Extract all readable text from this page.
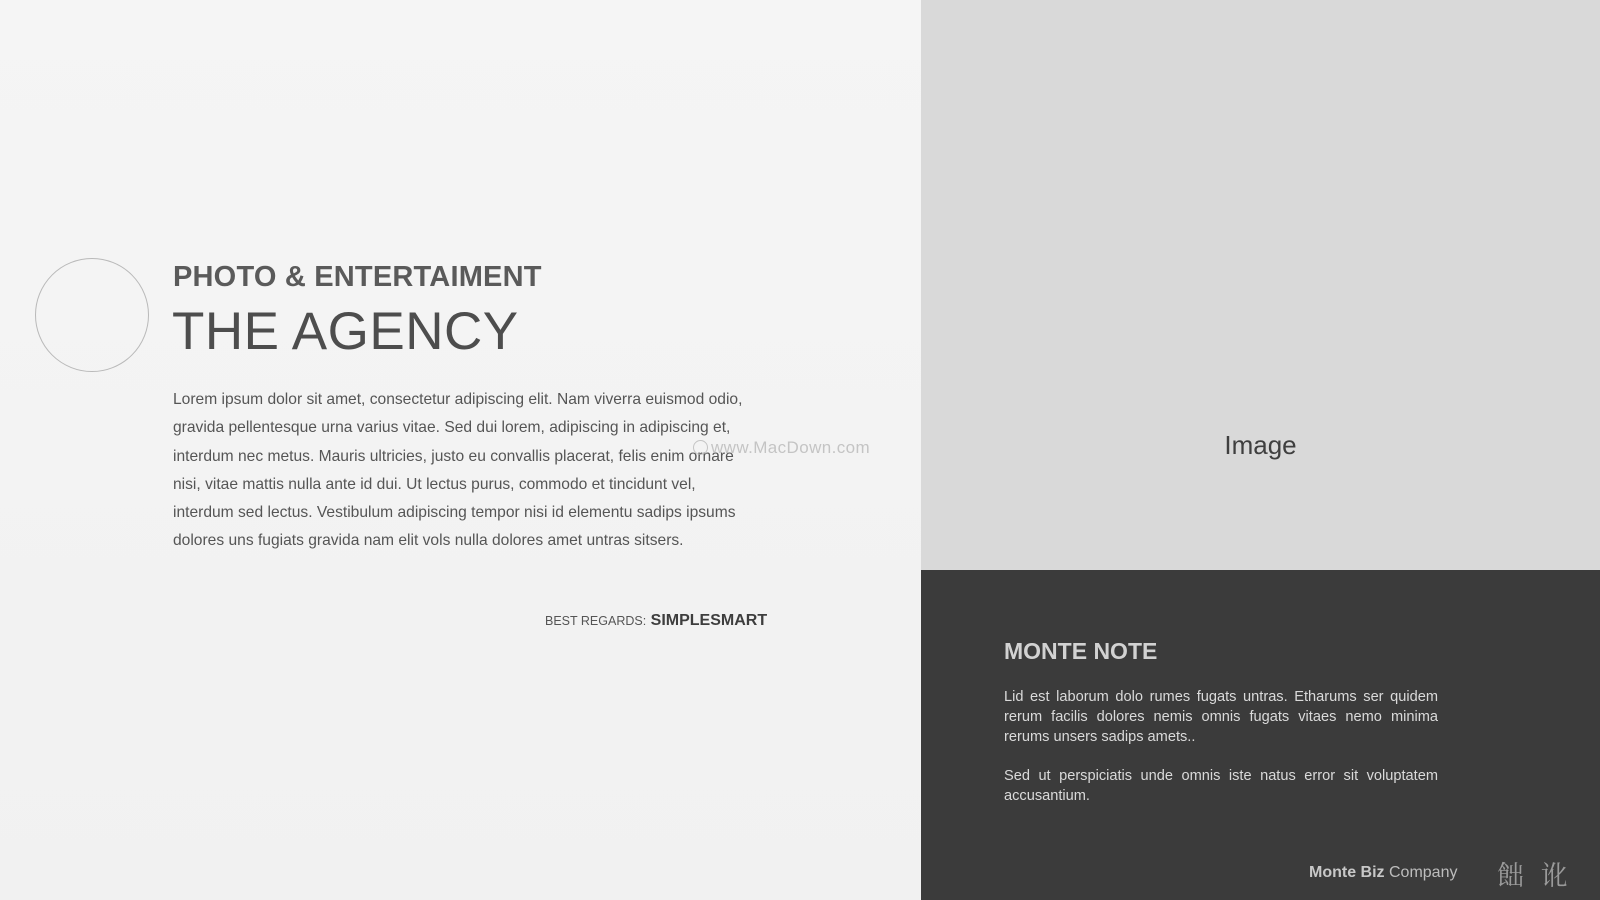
PHOTO & ENTERTAIMENT
THE AGENCY

Lorem ipsum dolor sit amet, consectetur adipiscing elit. Nam viverra euismod odio, gravida pellentesque urna varius vitae. Sed dui lorem, adipiscing in adipiscing et, interdum nec metus. Mauris ultricies, justo eu convallis placerat, felis enim ornare nisi, vitae mattis nulla ante id dui. Ut lectus purus, commodo et tincidunt vel, interdum sed lectus. Vestibulum adipiscing tempor nisi id elementu sadips ipsums dolores uns fugiats gravida nam elit vols nulla dolores amet untras sitsers.

BEST REGARDS: SIMPLESMART
www.MacDown.com	Image
MONTE NOTE

Lid est laborum dolo rumes fugats untras. Etharums ser quidem rerum facilis dolores nemis omnis fugats vitaes nemo minima rerums unsers sadips amets..

Sed ut perspiciatis unde omnis iste natus error sit voluptatem accusantium.

Monte Biz Company 飿 讹
